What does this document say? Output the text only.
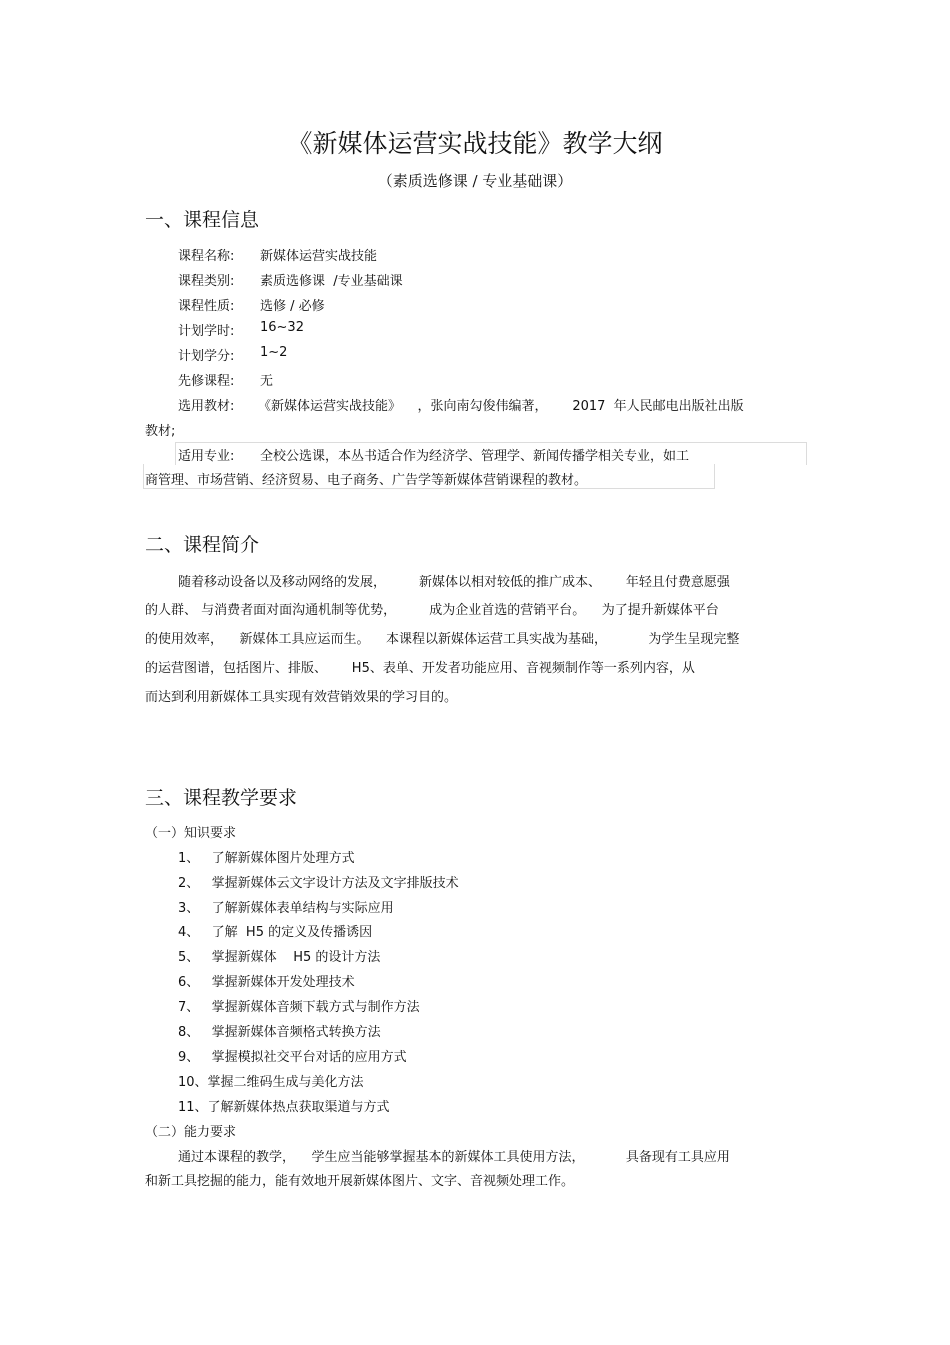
《新媒体运营实战技能》教学大纲
（素质选修课 / 专业基础课）
一、课程信息
课程名称: 新媒体运营实战技能
课程类别: 素质选修课  /专业基础课
课程性质: 选修 / 必修
计划学时: 16~32
计划学分: 1~2
先修课程: 无
选用教材: 《新媒体运营实战技能》    ，张向南勾俊伟编著，      2017  年人民邮电出版社出版
教材;
适用专业: 全校公选课，本丛书适合作为经济学、管理学、新闻传播学相关专业，如工
商管理、市场营销、经济贸易、电子商务、广告学等新媒体营销课程的教材。
二、课程简介
随着移动设备以及移动网络的发展，        新媒体以相对较低的推广成本、      年轻且付费意愿强
的人群、 与消费者面对面沟通机制等优势，        成为企业首选的营销平台。    为了提升新媒体平台
的使用效率，    新媒体工具应运而生。    本课程以新媒体运营工具实战为基础，          为学生呈现完整
的运营图谱，包括图片、排版、      H5、表单、开发者功能应用、音视频制作等一系列内容，从
而达到利用新媒体工具实现有效营销效果的学习目的。
三、课程教学要求
（一）知识要求
1、   了解新媒体图片处理方式
2、   掌握新媒体云文字设计方法及文字排版技术
3、   了解新媒体表单结构与实际应用
4、   了解  H5 的定义及传播诱因
5、   掌握新媒体    H5 的设计方法
6、   掌握新媒体开发处理技术
7、   掌握新媒体音频下载方式与制作方法
8、   掌握新媒体音频格式转换方法
9、   掌握模拟社交平台对话的应用方式
10、掌握二维码生成与美化方法
11、了解新媒体热点获取渠道与方式
（二）能力要求
通过本课程的教学，    学生应当能够掌握基本的新媒体工具使用方法，          具备现有工具应用
和新工具挖掘的能力，能有效地开展新媒体图片、文字、音视频处理工作。
